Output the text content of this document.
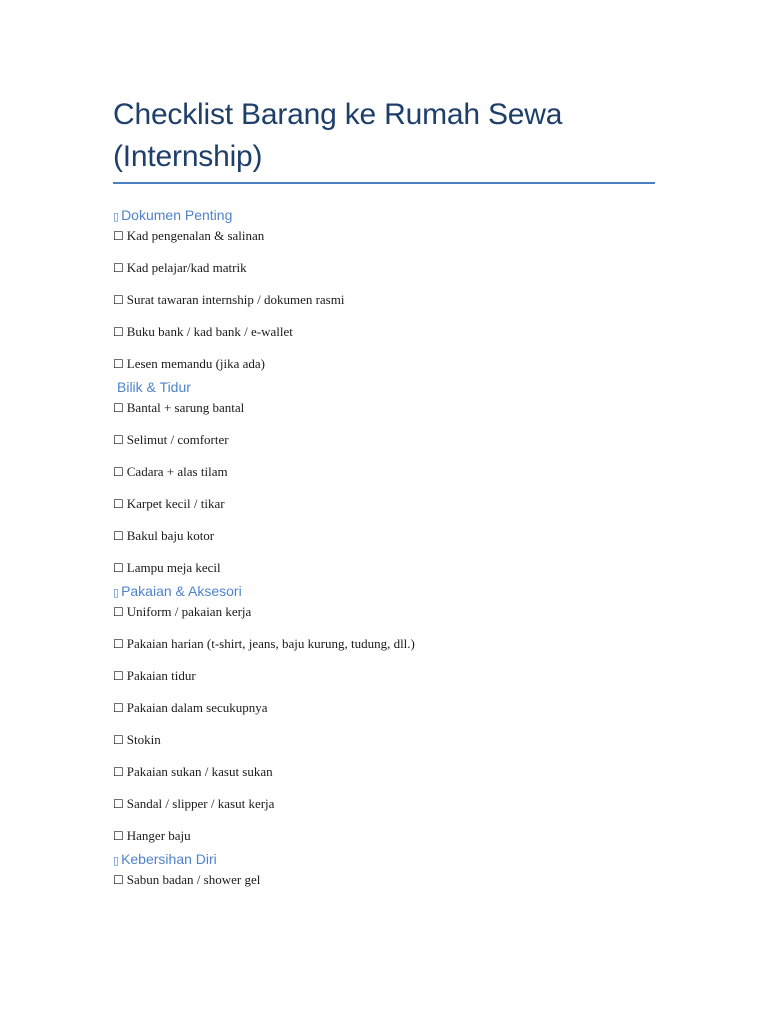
Checklist Barang ke Rumah Sewa (Internship)
▯ Dokumen Penting
☐ Kad pengenalan & salinan
☐ Kad pelajar/kad matrik
☐ Surat tawaran internship / dokumen rasmi
☐ Buku bank / kad bank / e-wallet
☐ Lesen memandu (jika ada)
Bilik & Tidur
☐ Bantal + sarung bantal
☐ Selimut / comforter
☐ Cadara + alas tilam
☐ Karpet kecil / tikar
☐ Bakul baju kotor
☐ Lampu meja kecil
▯ Pakaian & Aksesori
☐ Uniform / pakaian kerja
☐ Pakaian harian (t-shirt, jeans, baju kurung, tudung, dll.)
☐ Pakaian tidur
☐ Pakaian dalam secukupnya
☐ Stokin
☐ Pakaian sukan / kasut sukan
☐ Sandal / slipper / kasut kerja
☐ Hanger baju
▯ Kebersihan Diri
☐ Sabun badan / shower gel
